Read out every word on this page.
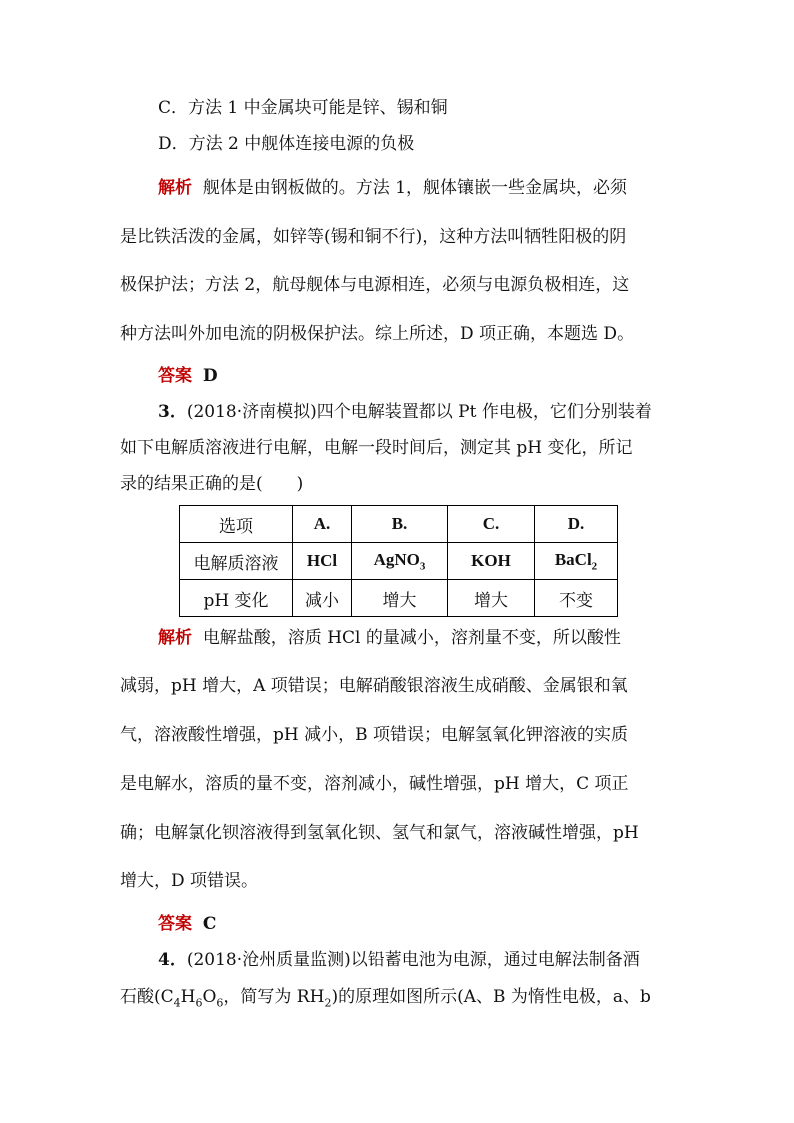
C．方法 1 中金属块可能是锌、锡和铜
D．方法 2 中舰体连接电源的负极
解析 舰体是由钢板做的。方法 1，舰体镶嵌一些金属块，必须
是比铁活泼的金属，如锌等(锡和铜不行)，这种方法叫牺牲阳极的阴
极保护法；方法 2，航母舰体与电源相连，必须与电源负极相连，这
种方法叫外加电流的阴极保护法。综上所述，D 项正确，本题选 D。
答案 D
3．(2018·济南模拟)四个电解装置都以 Pt 作电极，它们分别装着
如下电解质溶液进行电解，电解一段时间后，测定其 pH 变化，所记
录的结果正确的是(　　)
选项	A.	B.	C.	D.
电解质溶液	HCl	AgNO$_3$	KOH	BaCl$_2$
pH 变化	减小	增大	增大	不变
解析 电解盐酸，溶质 HCl 的量减小，溶剂量不变，所以酸性
减弱，pH 增大，A 项错误；电解硝酸银溶液生成硝酸、金属银和氧
气，溶液酸性增强，pH 减小，B 项错误；电解氢氧化钾溶液的实质
是电解水，溶质的量不变，溶剂减小，碱性增强，pH 增大，C 项正
确；电解氯化钡溶液得到氢氧化钡、氢气和氯气，溶液碱性增强，pH
增大，D 项错误。
答案 C
4．(2018·沧州质量监测)以铅蓄电池为电源，通过电解法制备酒
石酸($C_4H_6O_6$，简写为 $RH_2$)的原理如图所示(A、B 为惰性电极，a、b
